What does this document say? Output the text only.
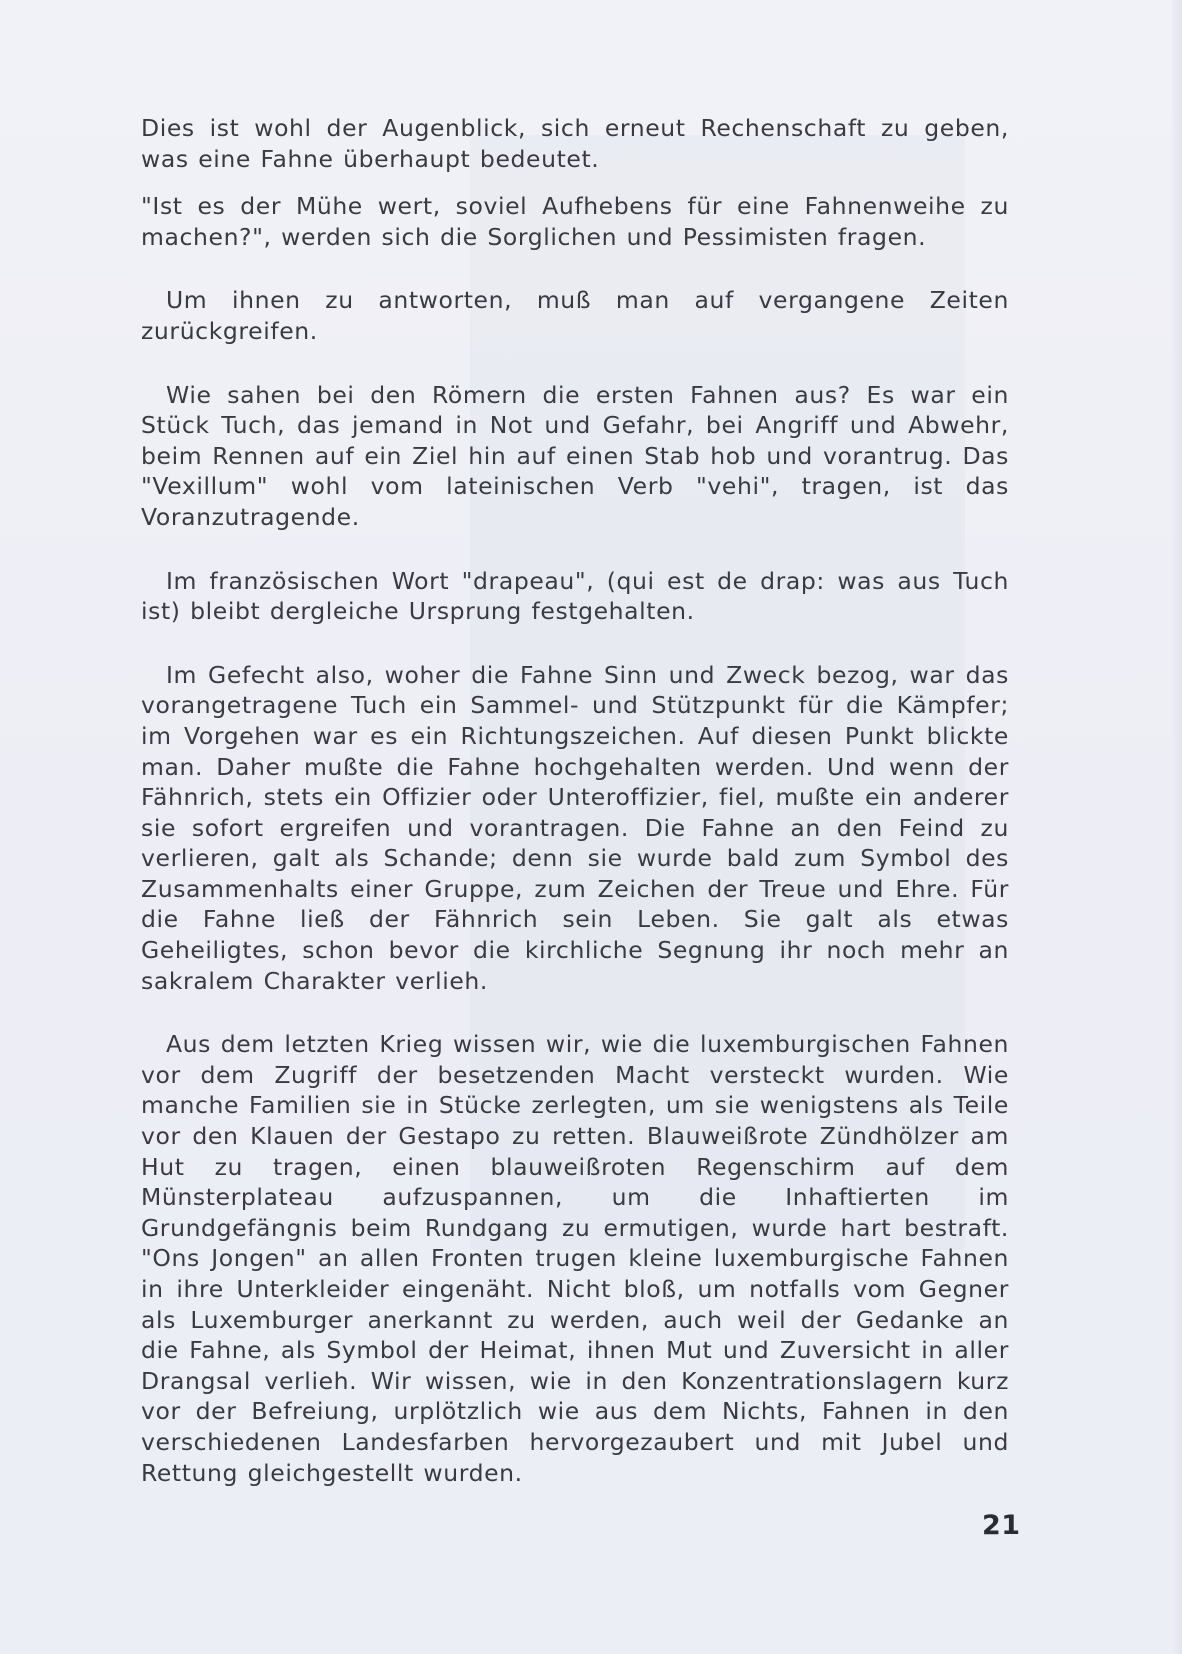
Dies ist wohl der Augenblick, sich erneut Rechenschaft zu geben, was eine Fahne überhaupt bedeutet.

"Ist es der Mühe wert, soviel Aufhebens für eine Fahnenweihe zu machen?", werden sich die Sorglichen und Pessimisten fragen.

Um ihnen zu antworten, muß man auf vergangene Zeiten zurückgreifen.

Wie sahen bei den Römern die ersten Fahnen aus? Es war ein Stück Tuch, das jemand in Not und Gefahr, bei Angriff und Abwehr, beim Rennen auf ein Ziel hin auf einen Stab hob und vorantrug. Das "Vexillum" wohl vom lateinischen Verb "vehi", tragen, ist das Voranzutragende.

Im französischen Wort "drapeau", (qui est de drap: was aus Tuch ist) bleibt dergleiche Ursprung festgehalten.

Im Gefecht also, woher die Fahne Sinn und Zweck bezog, war das vorangetragene Tuch ein Sammel- und Stützpunkt für die Kämpfer; im Vorgehen war es ein Richtungszeichen. Auf diesen Punkt blickte man. Daher mußte die Fahne hochgehalten werden. Und wenn der Fähnrich, stets ein Offizier oder Unteroffizier, fiel, mußte ein anderer sie sofort ergreifen und vorantragen. Die Fahne an den Feind zu verlieren, galt als Schande; denn sie wurde bald zum Symbol des Zusammenhalts einer Gruppe, zum Zeichen der Treue und Ehre. Für die Fahne ließ der Fähnrich sein Leben. Sie galt als etwas Geheiligtes, schon bevor die kirchliche Segnung ihr noch mehr an sakralem Charakter verlieh.

Aus dem letzten Krieg wissen wir, wie die luxemburgischen Fahnen vor dem Zugriff der besetzenden Macht versteckt wurden. Wie manche Familien sie in Stücke zerlegten, um sie wenigstens als Teile vor den Klauen der Gestapo zu retten. Blauweißrote Zündhölzer am Hut zu tragen, einen blauweißroten Regenschirm auf dem Münsterplateau aufzuspannen, um die Inhaftierten im Grundgefängnis beim Rundgang zu ermutigen, wurde hart bestraft. "Ons Jongen" an allen Fronten trugen kleine luxemburgische Fahnen in ihre Unterkleider eingenäht. Nicht bloß, um notfalls vom Gegner als Luxemburger anerkannt zu werden, auch weil der Gedanke an die Fahne, als Symbol der Heimat, ihnen Mut und Zuversicht in aller Drangsal verlieh. Wir wissen, wie in den Konzentrationslagern kurz vor der Befreiung, urplötzlich wie aus dem Nichts, Fahnen in den verschiedenen Landesfarben hervorgezaubert und mit Jubel und Rettung gleichgestellt wurden.

21
